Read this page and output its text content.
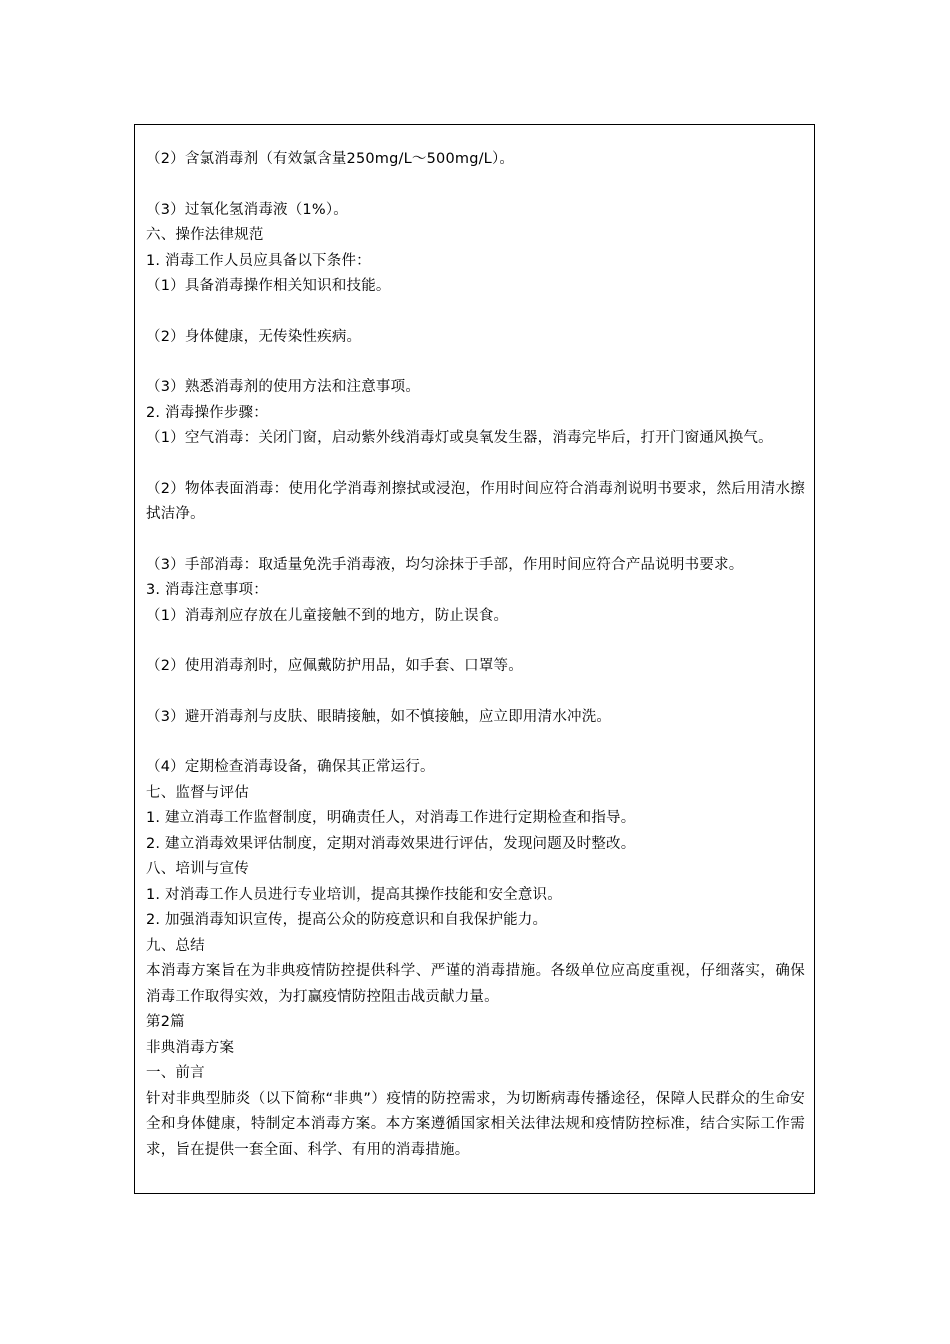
（2）含氯消毒剂（有效氯含量250mg/L～500mg/L）。
（3）过氧化氢消毒液（1%）。
六、操作法律规范
1. 消毒工作人员应具备以下条件：
（1）具备消毒操作相关知识和技能。
（2）身体健康，无传染性疾病。
（3）熟悉消毒剂的使用方法和注意事项。
2. 消毒操作步骤：
（1）空气消毒：关闭门窗，启动紫外线消毒灯或臭氧发生器，消毒完毕后，打开门窗通风换气。
（2）物体表面消毒：使用化学消毒剂擦拭或浸泡，作用时间应符合消毒剂说明书要求，然后用清水擦拭洁净。
（3）手部消毒：取适量免洗手消毒液，均匀涂抹于手部，作用时间应符合产品说明书要求。
3. 消毒注意事项：
（1）消毒剂应存放在儿童接触不到的地方，防止误食。
（2）使用消毒剂时，应佩戴防护用品，如手套、口罩等。
（3）避开消毒剂与皮肤、眼睛接触，如不慎接触，应立即用清水冲洗。
（4）定期检查消毒设备，确保其正常运行。
七、监督与评估
1. 建立消毒工作监督制度，明确责任人，对消毒工作进行定期检查和指导。
2. 建立消毒效果评估制度，定期对消毒效果进行评估，发现问题及时整改。
八、培训与宣传
1. 对消毒工作人员进行专业培训，提高其操作技能和安全意识。
2. 加强消毒知识宣传，提高公众的防疫意识和自我保护能力。
九、总结
本消毒方案旨在为非典疫情防控提供科学、严谨的消毒措施。各级单位应高度重视，仔细落实，确保消毒工作取得实效，为打赢疫情防控阻击战贡献力量。
第2篇
非典消毒方案
一、前言
针对非典型肺炎（以下简称“非典”）疫情的防控需求，为切断病毒传播途径，保障人民群众的生命安全和身体健康，特制定本消毒方案。本方案遵循国家相关法律法规和疫情防控标准，结合实际工作需求，旨在提供一套全面、科学、有用的消毒措施。
